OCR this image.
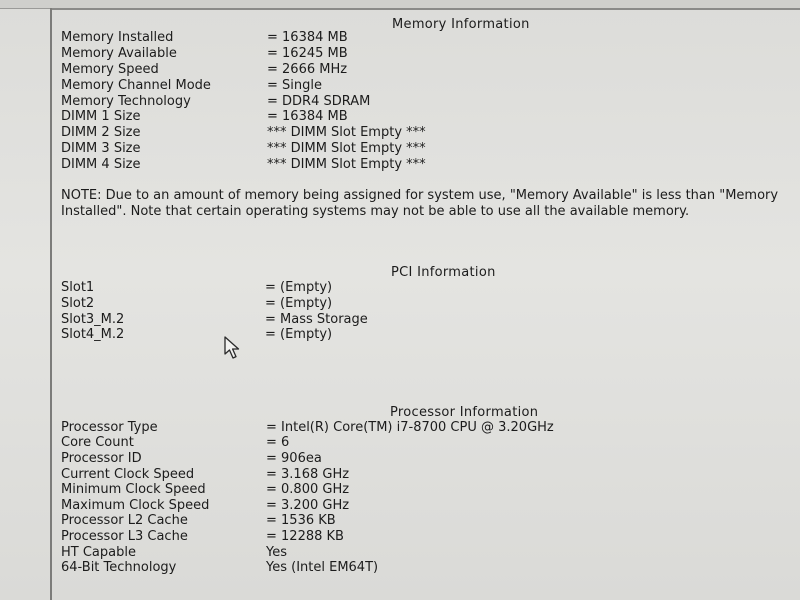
Memory Information
Memory Installed	= 16384 MB
Memory Available	= 16245 MB
Memory Speed	= 2666 MHz
Memory Channel Mode	= Single
Memory Technology	= DDR4 SDRAM
DIMM 1 Size	= 16384 MB
DIMM 2 Size	*** DIMM Slot Empty ***
DIMM 3 Size	*** DIMM Slot Empty ***
DIMM 4 Size	*** DIMM Slot Empty ***
NOTE: Due to an amount of memory being assigned for system use, "Memory Available" is less than "Memory Installed". Note that certain operating systems may not be able to use all the available memory.
PCI Information
Slot1	= (Empty)
Slot2	= (Empty)
Slot3_M.2	= Mass Storage
Slot4_M.2	= (Empty)
Processor Information
Processor Type	= Intel(R) Core(TM) i7-8700 CPU @ 3.20GHz
Core Count	= 6
Processor ID	= 906ea
Current Clock Speed	= 3.168 GHz
Minimum Clock Speed	= 0.800 GHz
Maximum Clock Speed	= 3.200 GHz
Processor L2 Cache	= 1536 KB
Processor L3 Cache	= 12288 KB
HT Capable	Yes
64-Bit Technology	Yes (Intel EM64T)
